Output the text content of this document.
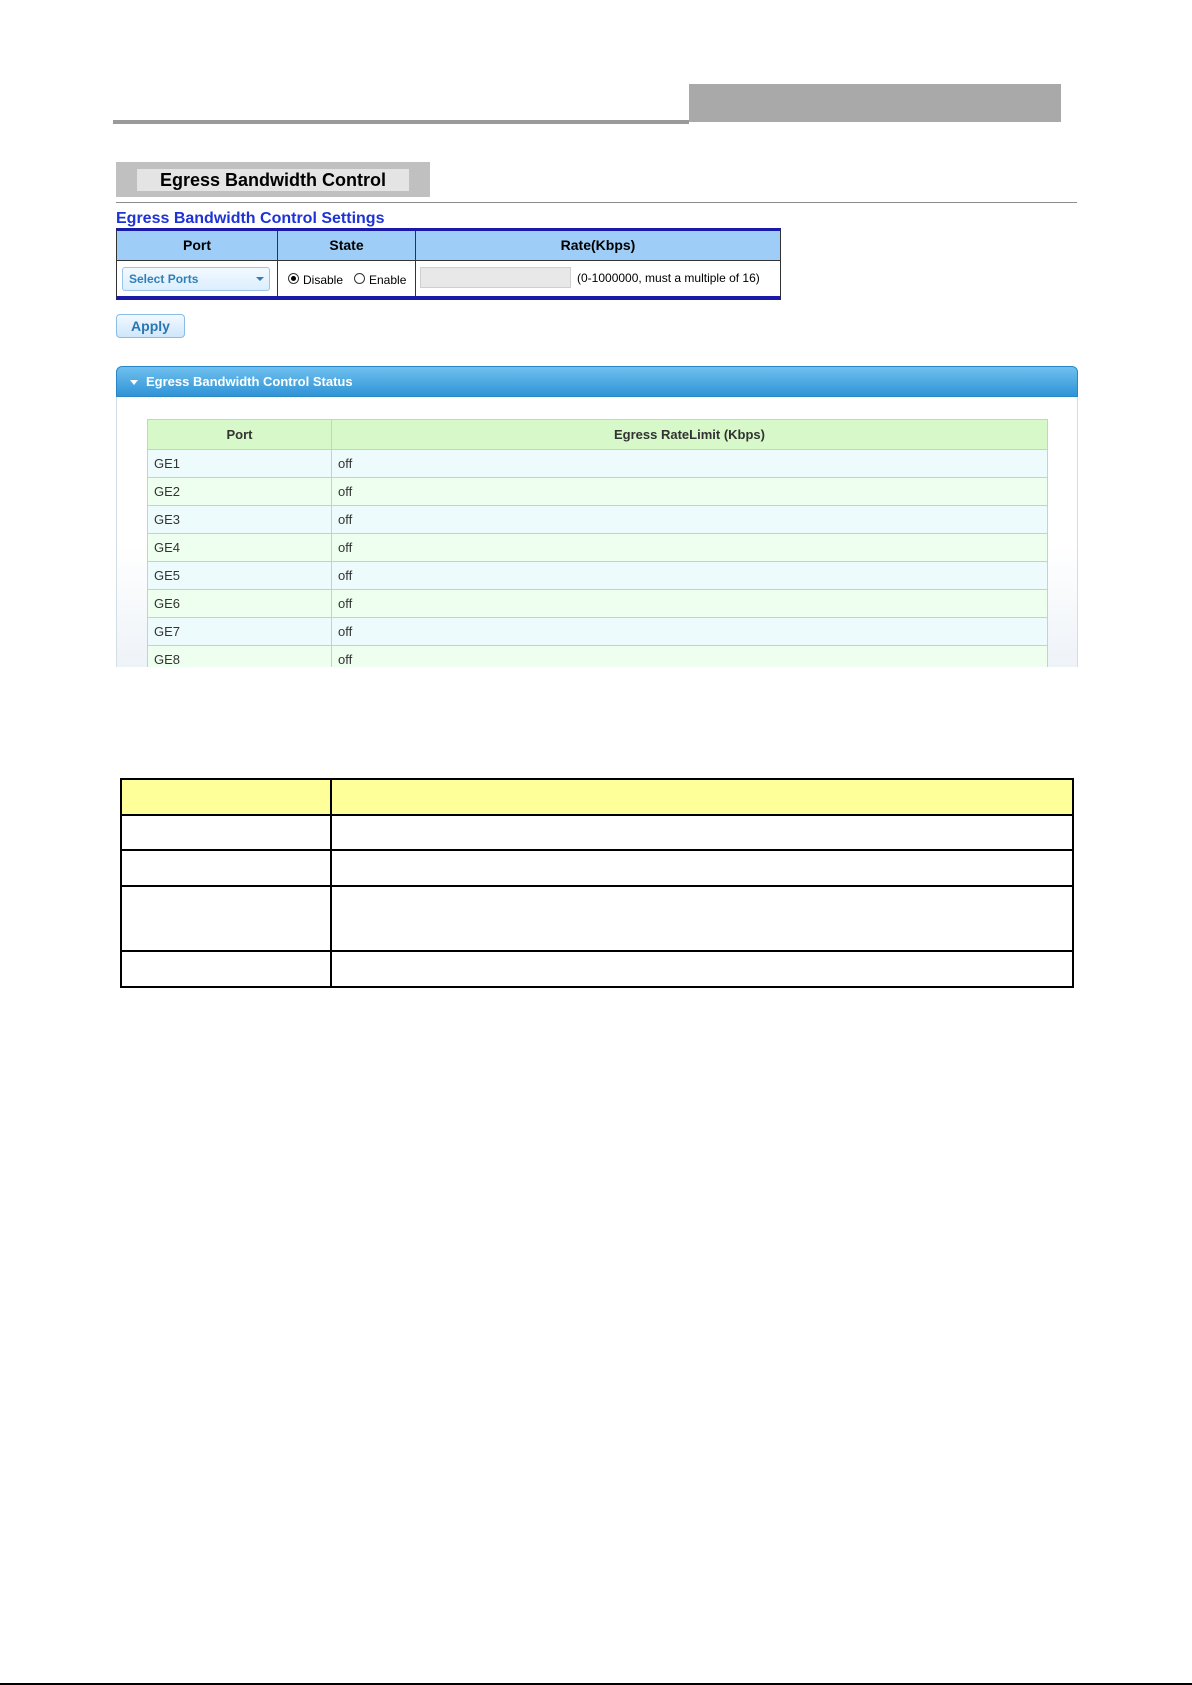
Egress Bandwidth Control
Egress Bandwidth Control Settings
Port	State	Rate(Kbps)
Select Ports	Disable Enable	(0-1000000, must a multiple of 16)
Apply
Egress Bandwidth Control Status
Port	Egress RateLimit (Kbps)
GE1	off
GE2	off
GE3	off
GE4	off
GE5	off
GE6	off
GE7	off
GE8	off
